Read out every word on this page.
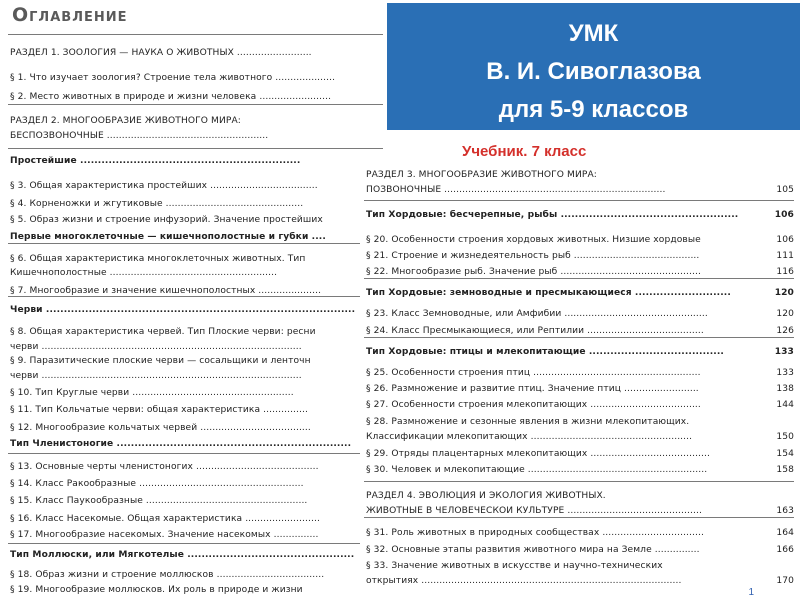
Оглавление
РАЗДЕЛ 1. ЗООЛОГИЯ — НАУКА О ЖИВОТНЫХ .........................
§ 1. Что изучает зоология? Строение тела животного ....................
§ 2. Место животных в природе и жизни человека ........................
РАЗДЕЛ 2. МНОГООБРАЗИЕ ЖИВОТНОГО МИРА:
БЕСПОЗВОНОЧНЫЕ ......................................................
Простейшие ..............................................................
§ 3. Общая характеристика простейших ....................................
§ 4. Корненожки и жгутиковые ..............................................
§ 5. Образ жизни и строение инфузорий. Значение простейших
Первые многоклеточные — кишечнополостные и губки ....
§ 6. Общая характеристика многоклеточных животных. Тип
Кишечнополостные ........................................................
§ 7. Многообразие и значение кишечнополостных .....................
Черви .......................................................................................
§ 8. Общая характеристика червей. Тип Плоские черви: ресни
черви .......................................................................................
§ 9. Паразитические плоские черви — сосальщики и ленточн
черви .......................................................................................
§ 10. Тип Круглые черви ......................................................
§ 11. Тип Кольчатые черви: общая характеристика ...............
§ 12. Многообразие кольчатых червей .....................................
Тип Членистоногие ..................................................................
§ 13. Основные черты членистоногих .........................................
§ 14. Класс Ракообразные .......................................................
§ 15. Класс Паукообразные ......................................................
§ 16. Класс Насекомые. Общая характеристика .........................
§ 17. Многообразие насекомых. Значение насекомых ...............
Тип Моллюски, или Мягкотелые ...............................................
§ 18. Образ жизни и строение моллюсков ....................................
§ 19. Многообразие моллюсков. Их роль в природе и жизни
УМК
В. И. Сивоглазова
для 5-9 классов
Учебник. 7 класс
РАЗДЕЛ 3. МНОГООБРАЗИЕ ЖИВОТНОГО МИРА:
ПОЗВОНОЧНЫЕ ..........................................................................	105
Тип Хордовые: бесчерепные, рыбы ..................................................	106
§ 20. Особенности строения хордовых животных. Низшие хордовые	106
§ 21. Строение и жизнедеятельность рыб ..........................................	111
§ 22. Многообразие рыб. Значение рыб ...............................................	116
Тип Хордовые: земноводные и пресмыкающиеся ...........................	120
§ 23. Класс Земноводные, или Амфибии ................................................	120
§ 24. Класс Пресмыкающиеся, или Рептилии .......................................	126
Тип Хордовые: птицы и млекопитающие ......................................	133
§ 25. Особенности строения птиц ........................................................	133
§ 26. Размножение и развитие птиц. Значение птиц .........................	138
§ 27. Особенности строения млекопитающих .....................................	144
§ 28. Размножение и сезонные явления в жизни млекопитающих.
Классификации млекопитающих ......................................................	150
§ 29. Отряды плацентарных млекопитающих ........................................	154
§ 30. Человек и млекопитающие ............................................................	158
РАЗДЕЛ 4. ЭВОЛЮЦИЯ И ЭКОЛОГИЯ ЖИВОТНЫХ.
ЖИВОТНЫЕ В ЧЕЛОВЕЧЕСКОЙ КУЛЬТУРЕ .............................................	163
§ 31. Роль животных в природных сообществах ..................................	164
§ 32. Основные этапы развития животного мира на Земле ...............	166
§ 33. Значение животных в искусстве и научно-технических
открытиях .......................................................................................	170
1
